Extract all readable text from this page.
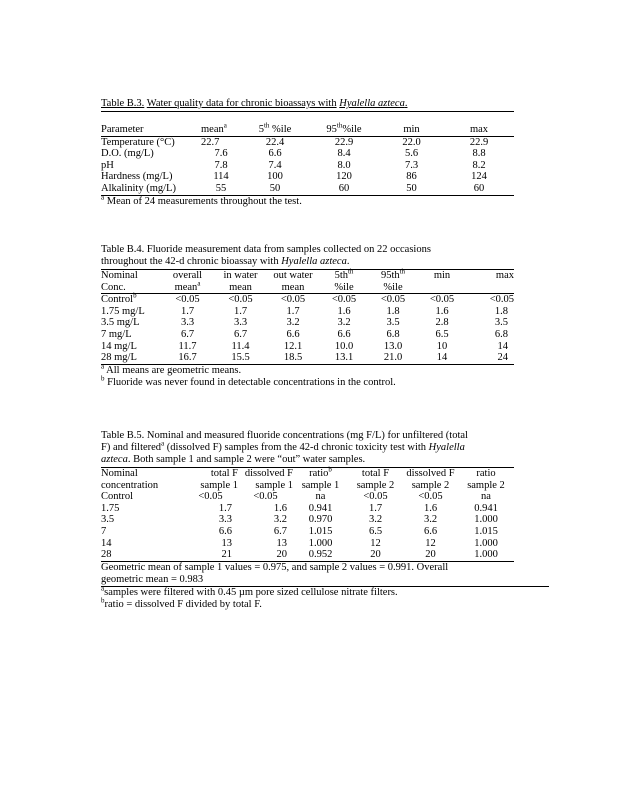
Table B.3. Water quality data for chronic bioassays with Hyalella azteca.
Parameter	mean$^a$	5th %ile	95th%ile	min	max
Temperature (°C)	22.7	22.4	22.9	22.0	22.9
D.O. (mg/L)	7.6	6.6	8.4	5.6	8.8
pH	7.8	7.4	8.0	7.3	8.2
Hardness (mg/L)	114	100	120	86	124
Alkalinity (mg/L)	55	50	60	50	60
$^a$ Mean of 24 measurements throughout the test.
Table B.4. Fluoride measurement data from samples collected on 22 occasions
throughout the 42-d chronic bioassay with Hyalella azteca.
Nominal	overall	in water	out water	$5th^{th}$	$95th^{th}$	min	max
Conc.	mean$^a$	mean	mean	%ile	%ile		
Control$^b$	<0.05	<0.05	<0.05	<0.05	<0.05	<0.05	<0.05
1.75 mg/L	1.7	1.7	1.7	1.6	1.8	1.6	1.8
3.5 mg/L	3.3	3.3	3.2	3.2	3.5	2.8	3.5
7 mg/L	6.7	6.7	6.6	6.6	6.8	6.5	6.8
14 mg/L	11.7	11.4	12.1	10.0	13.0	10	14
28 mg/L	16.7	15.5	18.5	13.1	21.0	14	24
$^a$ All means are geometric means.
$^b$ Fluoride was never found in detectable concentrations in the control.
Table B.5. Nominal and measured fluoride concentrations (mg F/L) for unfiltered (total
F) and filtered$^a$ (dissolved F) samples from the 42-d chronic toxicity test with Hyalella
azteca. Both sample 1 and sample 2 were “out” water samples.
Nominal	total F	dissolved F	ratio$^b$	total F	dissolved F	ratio
concentration	sample 1	sample 1	sample 1	sample 2	sample 2	sample 2
Control	<0.05	<0.05	na	<0.05	<0.05	na
1.75	1.7	1.6	0.941	1.7	1.6	0.941
3.5	3.3	3.2	0.970	3.2	3.2	1.000
7	6.6	6.7	1.015	6.5	6.6	1.015
14	13	13	1.000	12	12	1.000
28	21	20	0.952	20	20	1.000
Geometric mean of sample 1 values = 0.975, and sample 2 values = 0.991. Overall
geometric mean = 0.983
$^a$samples were filtered with 0.45 µm pore sized cellulose nitrate filters.
$^b$ratio = dissolved F divided by total F.
